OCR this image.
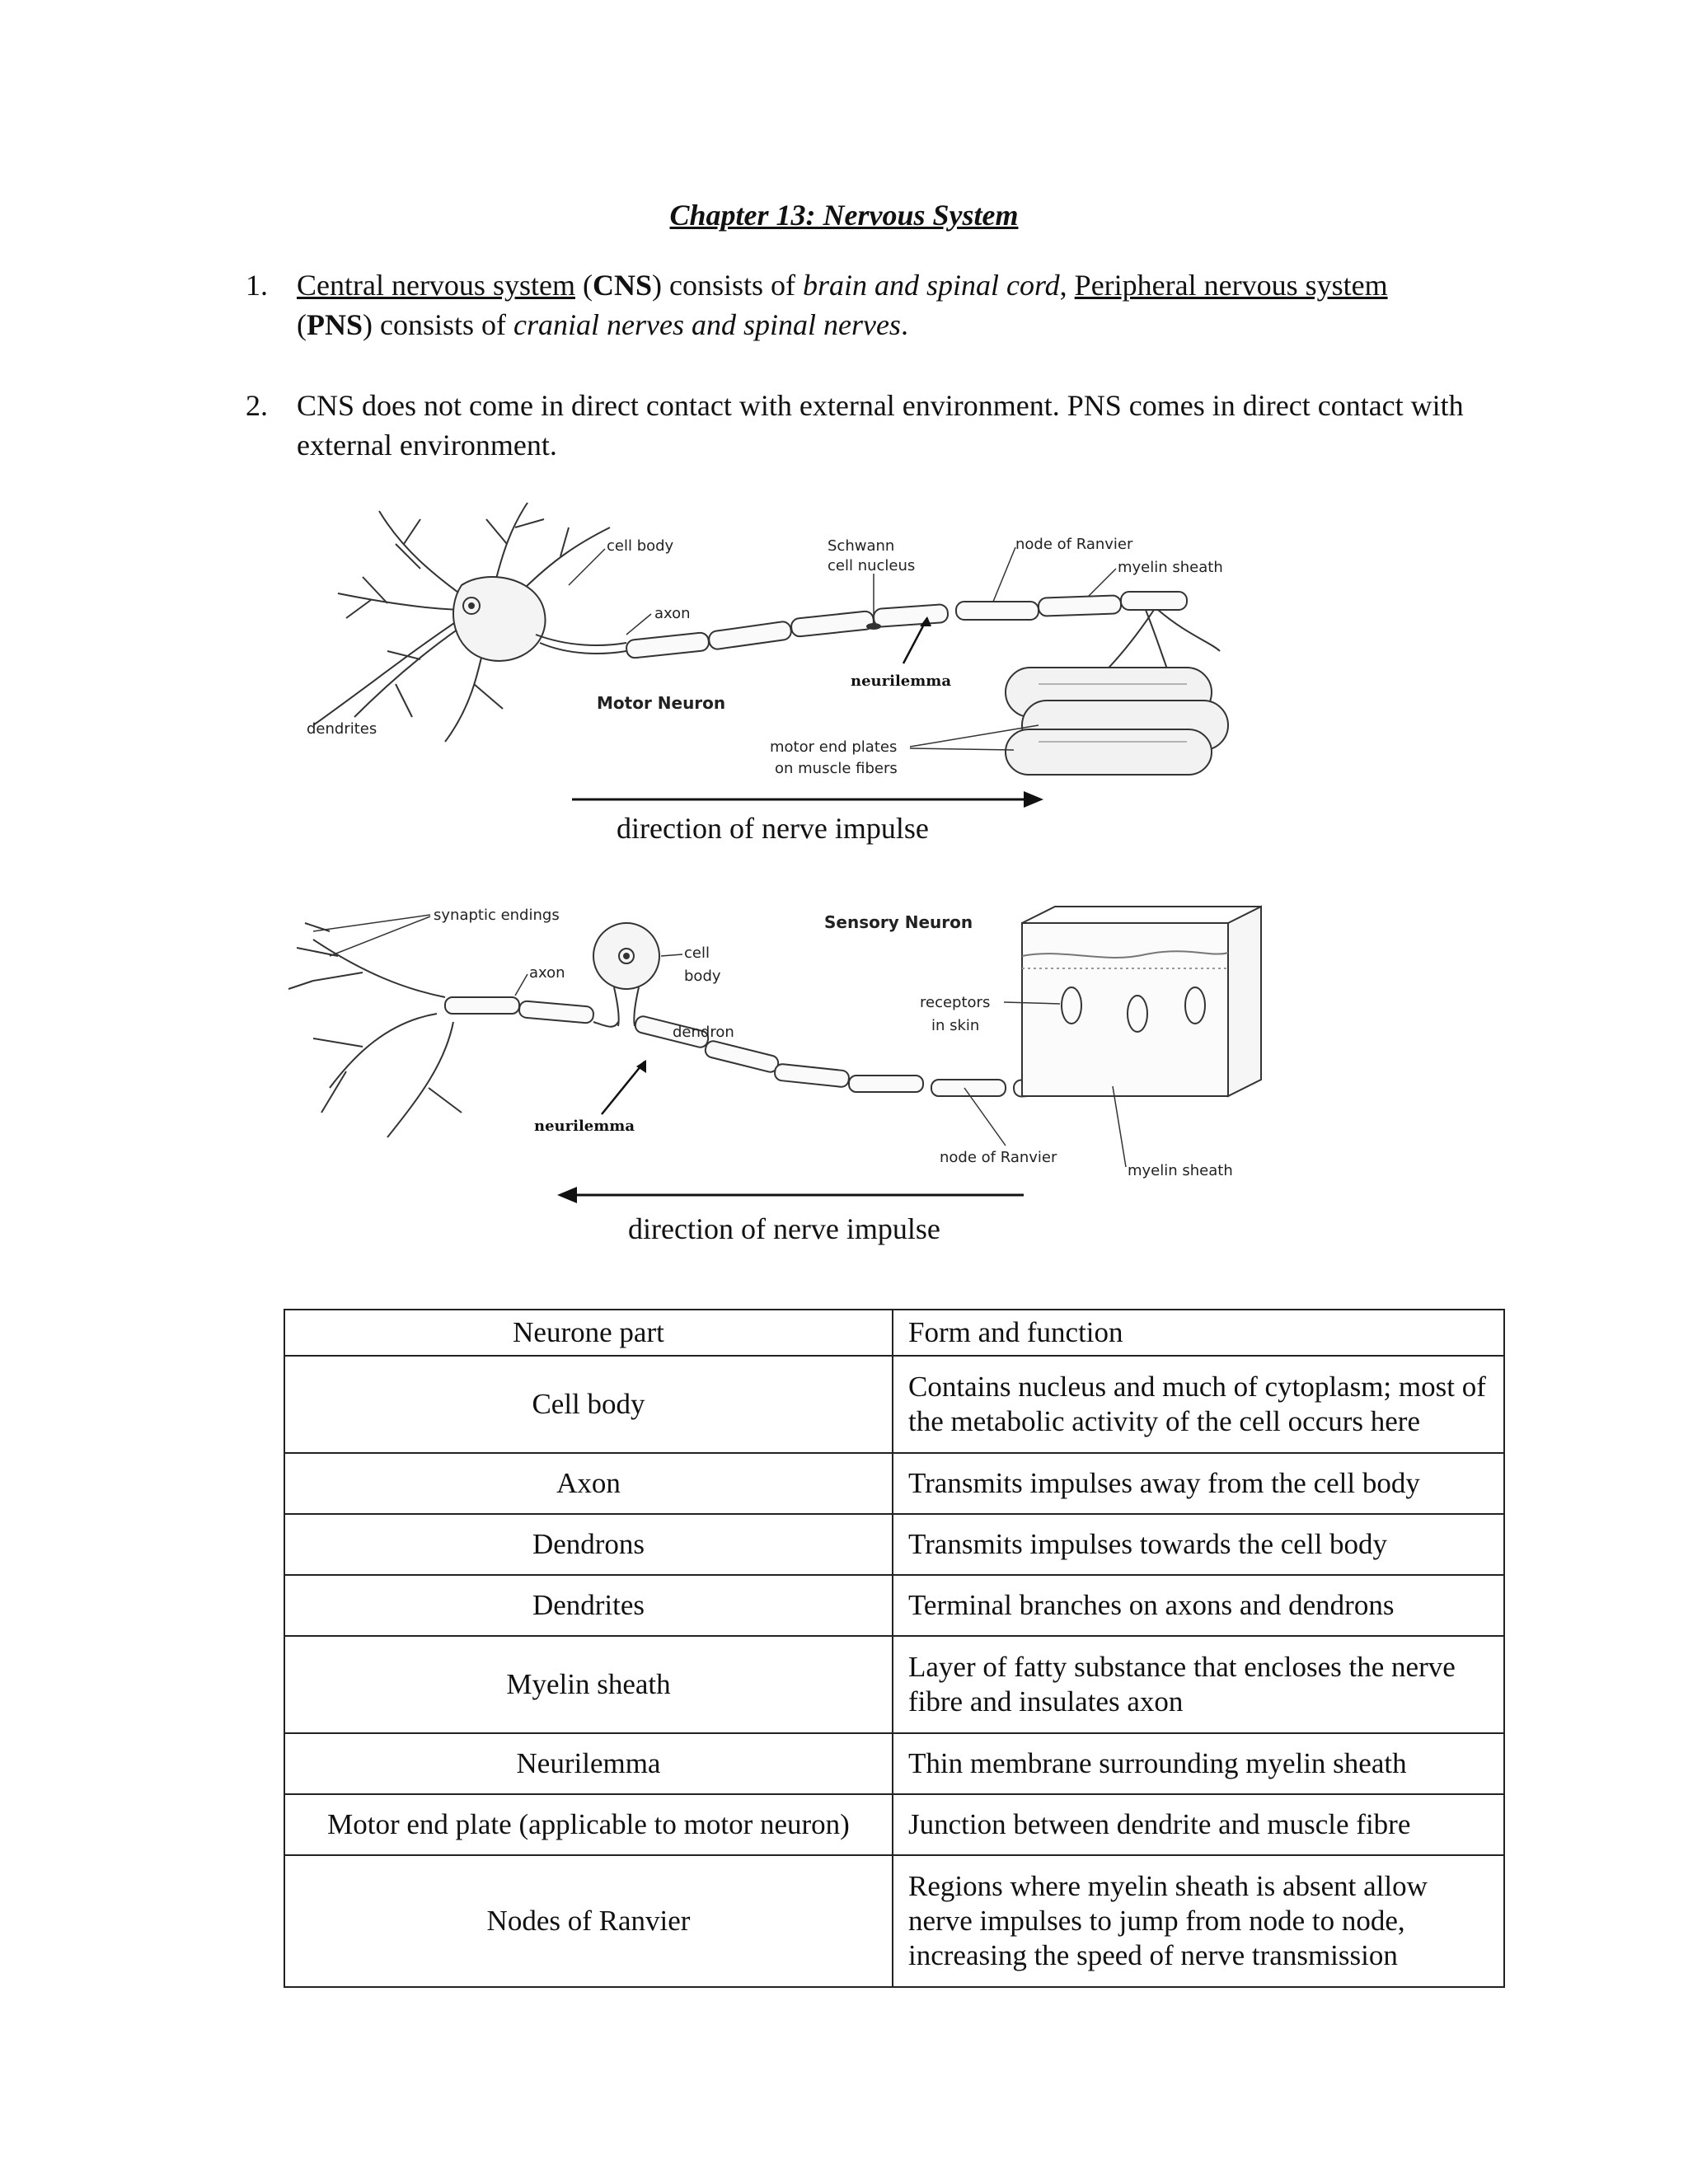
Chapter 13: Nervous System
1. Central nervous system (CNS) consists of brain and spinal cord, Peripheral nervous system
(PNS) consists of cranial nerves and spinal nerves.
2. CNS does not come in direct contact with external environment. PNS comes in direct contact with external environment.
cell body
axon
Schwann
cell nucleus
node of Ranvier
myelin sheath
neurilemma
Motor Neuron
dendrites
motor end plates
on muscle fibers
direction of nerve impulse
synaptic endings	Sensory Neuron
cell
body
axon
dendron
receptors
in skin
neurilemma
node of Ranvier
myelin sheath
direction of nerve impulse
Neurone part	Form and function
Cell body	Contains nucleus and much of cytoplasm; most of the metabolic activity of the cell occurs here
Axon	Transmits impulses away from the cell body
Dendrons	Transmits impulses towards the cell body
Dendrites	Terminal branches on axons and dendrons
Myelin sheath	Layer of fatty substance that encloses the nerve fibre and insulates axon
Neurilemma	Thin membrane surrounding myelin sheath
Motor end plate (applicable to motor neuron)	Junction between dendrite and muscle fibre
Nodes of Ranvier	Regions where myelin sheath is absent allow nerve impulses to jump from node to node, increasing the speed of nerve transmission
